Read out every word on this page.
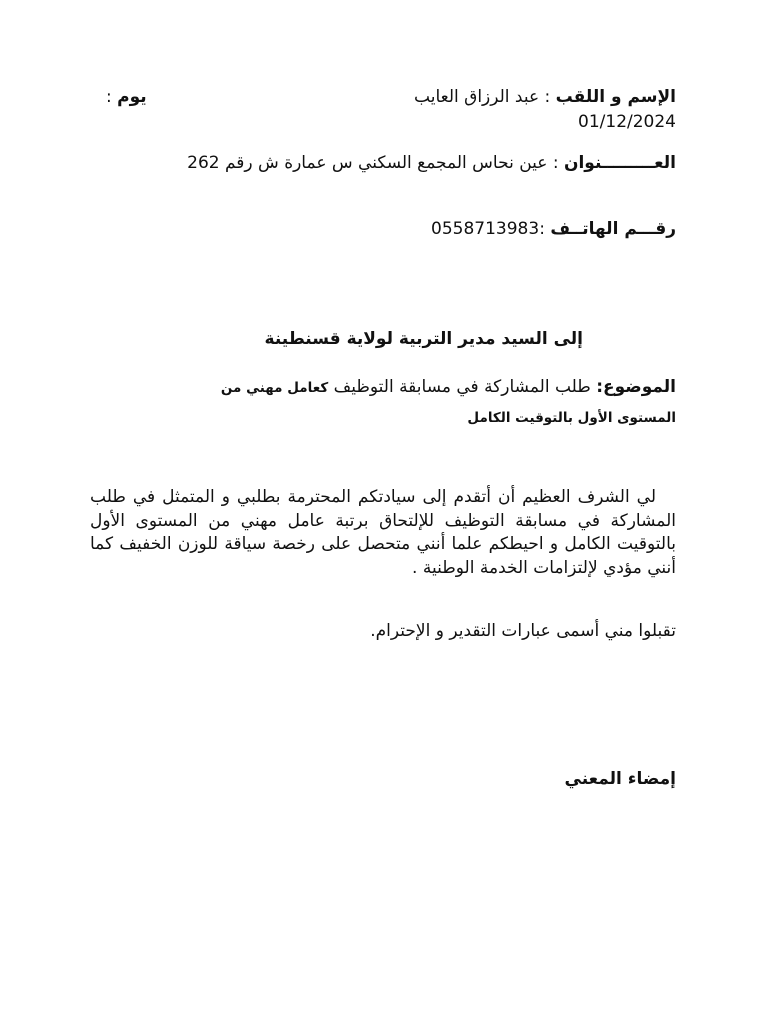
الإسم و اللقب : عبد الرزاق العايب
يوم :
01/12/2024
العـــــــــنوان : عين نحاس المجمع السكني س عمارة ش رقم 262
رقـــم الهاتــف :0558713983
إلى السيد مدير التربية لولاية قسنطينة
الموضوع: طلب المشاركة في مسابقة التوظيف كعامل مهني من
المستوى الأول بالتوقيت الكامل
لي الشرف العظيم أن أتقدم إلى سيادتكم المحترمة بطلبي و المتمثل في طلب المشاركة في مسابقة التوظيف للإلتحاق برتبة عامل مهني من المستوى الأول بالتوقيت الكامل و احيطكم علما أنني متحصل على رخصة سياقة للوزن الخفيف كما أنني مؤدي لإلتزامات الخدمة الوطنية .
تقبلوا مني أسمى عبارات التقدير و الإحترام.
إمضاء المعني
